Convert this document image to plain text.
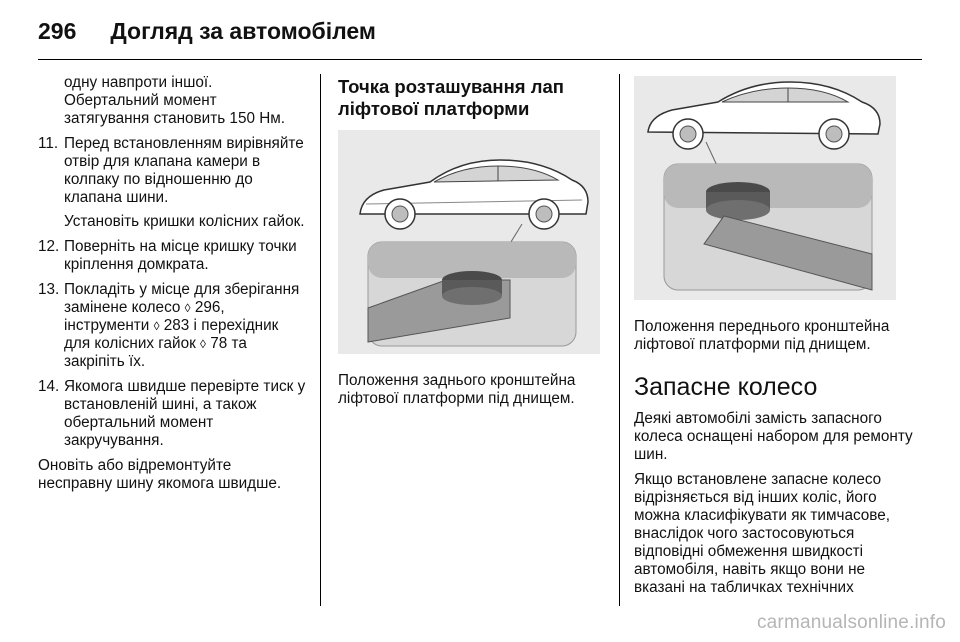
296 Догляд за автомобілем

одну навпроти іншої. Обертальний момент затягування становить 150 Нм.

11. Перед встановленням вирівняйте отвір для клапана камери в колпаку по відношенню до клапана шини.

Установіть кришки колісних гайок.

12. Поверніть на місце кришку точки кріплення домкрата.

13. Покладіть у місце для зберігання замінене колесо ◊ 296, інструменти ◊ 283 і перехідник для колісних гайок ◊ 78 та закріпіть їх.

14. Якомога швидше перевірте тиск у встановленій шині, а також обертальний момент закручування.

Оновіть або відремонтуйте несправну шину якомога швидше.

Точка розташування лап ліфтової платформи

Положення заднього кронштейна ліфтової платформи під днищем.

Положення переднього кронштейна ліфтової платформи під днищем.

Запасне колесо

Деякі автомобілі замість запасного колеса оснащені набором для ремонту шин.

Якщо встановлене запасне колесо відрізняється від інших коліс, його можна класифікувати як тимчасове, внаслідок чого застосовуються відповідні обмеження швидкості автомобіля, навіть якщо вони не вказані на табличках технічних

carmanualsonline.info
